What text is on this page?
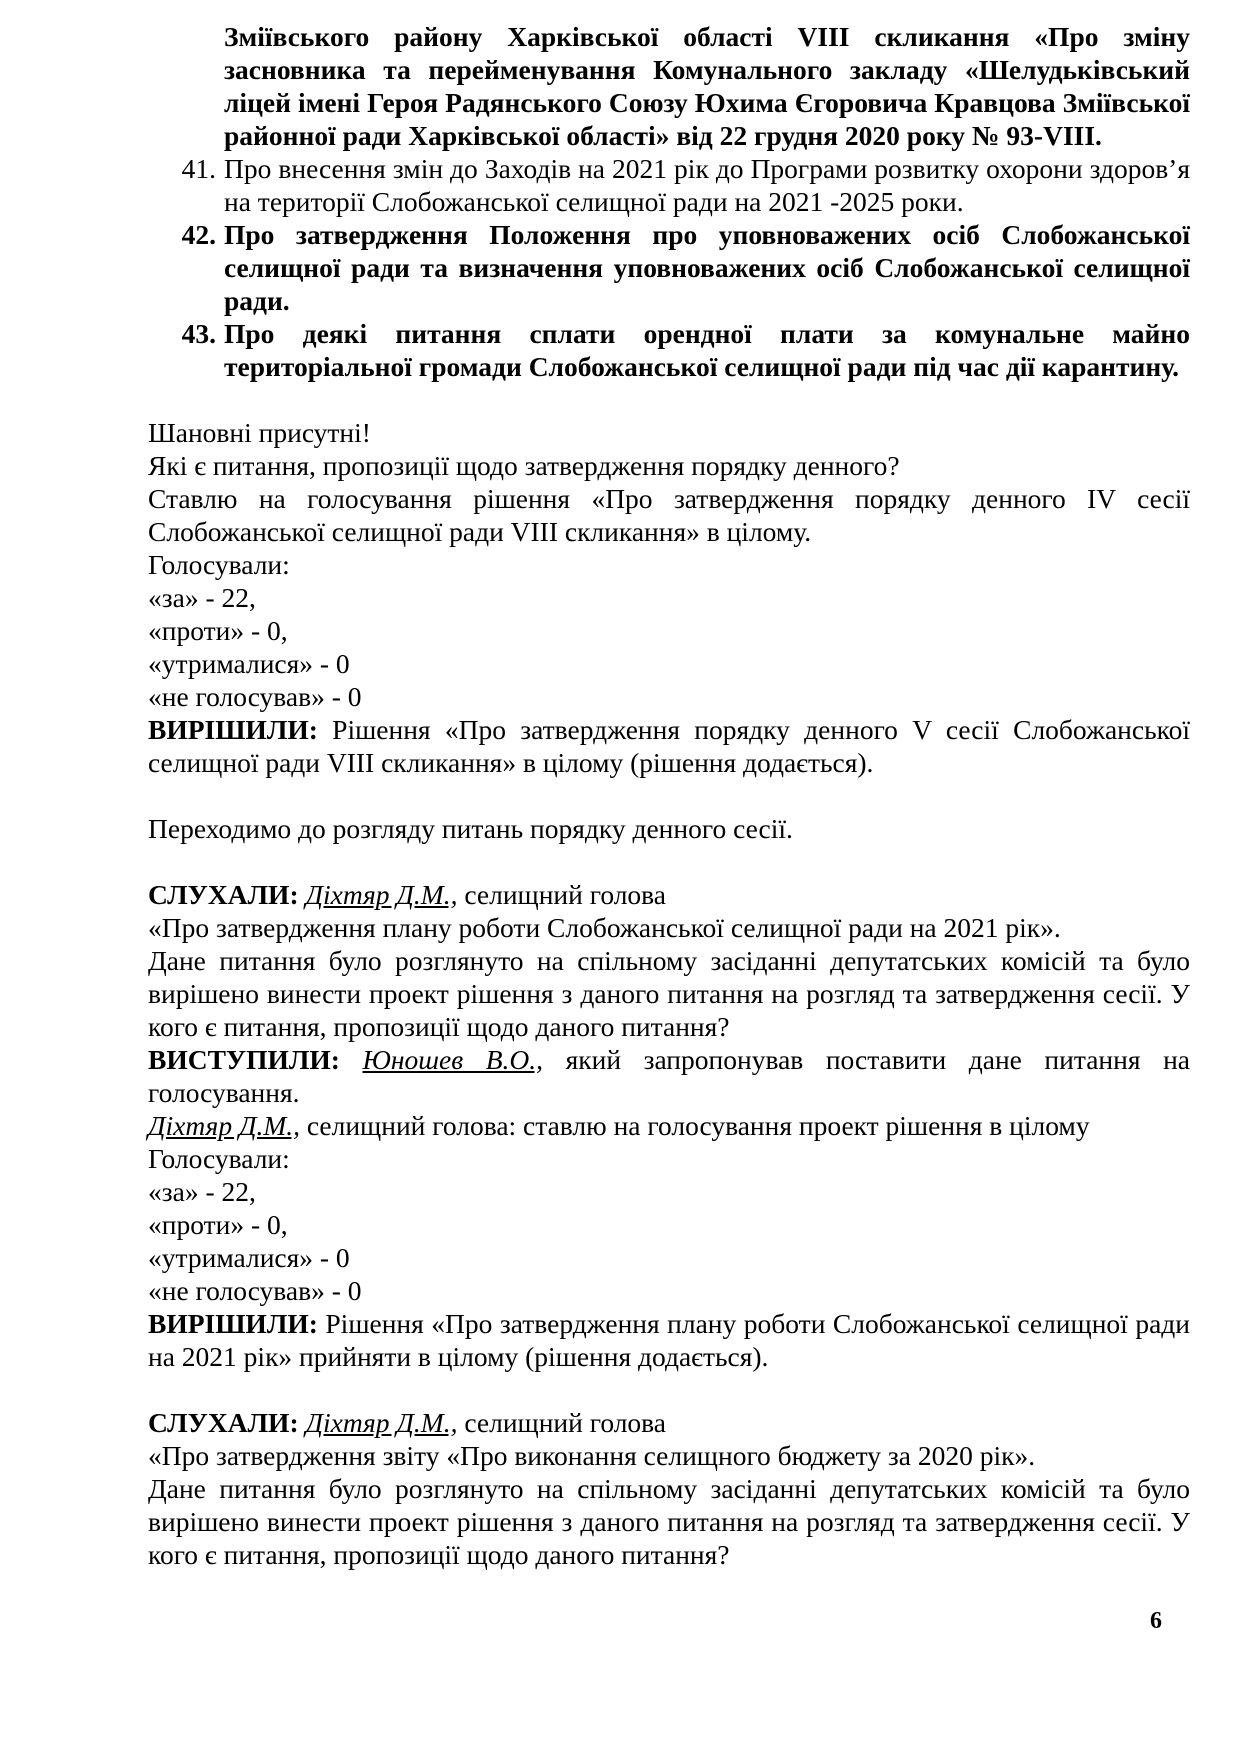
Зміївського району Харківської області VIII скликання «Про зміну засновника та перейменування Комунального закладу «Шелудьківський ліцей імені Героя Радянського Союзу Юхима Єгоровича Кравцова Зміївської районної ради Харківської області» від 22 грудня 2020 року № 93-VIII.
41. Про внесення змін до Заходів на 2021 рік до Програми розвитку охорони здоров’я на території Слобожанської селищної ради на 2021 -2025 роки.
42. Про затвердження Положення про уповноважених осіб Слобожанської селищної ради та визначення уповноважених осіб Слобожанської селищної ради.
43. Про деякі питання сплати орендної плати за комунальне майно територіальної громади Слобожанської селищної ради під час дії карантину.
Шановні присутні!
Які є питання, пропозиції щодо затвердження порядку денного?
Ставлю на голосування рішення «Про затвердження порядку денного IV сесії Слобожанської селищної ради VIII скликання» в цілому.
Голосували:
«за» - 22,
«проти» - 0,
«утрималися» - 0
«не голосував» - 0
ВИРІШИЛИ: Рішення «Про затвердження порядку денного V сесії Слобожанської селищної ради VIII скликання» в цілому (рішення додається).
Переходимо до розгляду питань порядку денного сесії.
СЛУХАЛИ: Діхтяр Д.М., селищний голова
«Про затвердження плану роботи Слобожанської селищної ради на 2021 рік».
Дане питання було розглянуто на спільному засіданні депутатських комісій та було вирішено винести проект рішення з даного питання на розгляд та затвердження сесії. У кого є питання, пропозиції щодо даного питання?
ВИСТУПИЛИ: Юношев В.О., який запропонував поставити дане питання на голосування.
Діхтяр Д.М., селищний голова: ставлю на голосування проект рішення в цілому
Голосували:
«за» - 22,
«проти» - 0,
«утрималися» - 0
«не голосував» - 0
ВИРІШИЛИ: Рішення «Про затвердження плану роботи Слобожанської селищної ради на 2021 рік» прийняти в цілому (рішення додається).
СЛУХАЛИ: Діхтяр Д.М., селищний голова
«Про затвердження звіту «Про виконання селищного бюджету за 2020 рік».
Дане питання було розглянуто на спільному засіданні депутатських комісій та було вирішено винести проект рішення з даного питання на розгляд та затвердження сесії. У кого є питання, пропозиції щодо даного питання?
6
